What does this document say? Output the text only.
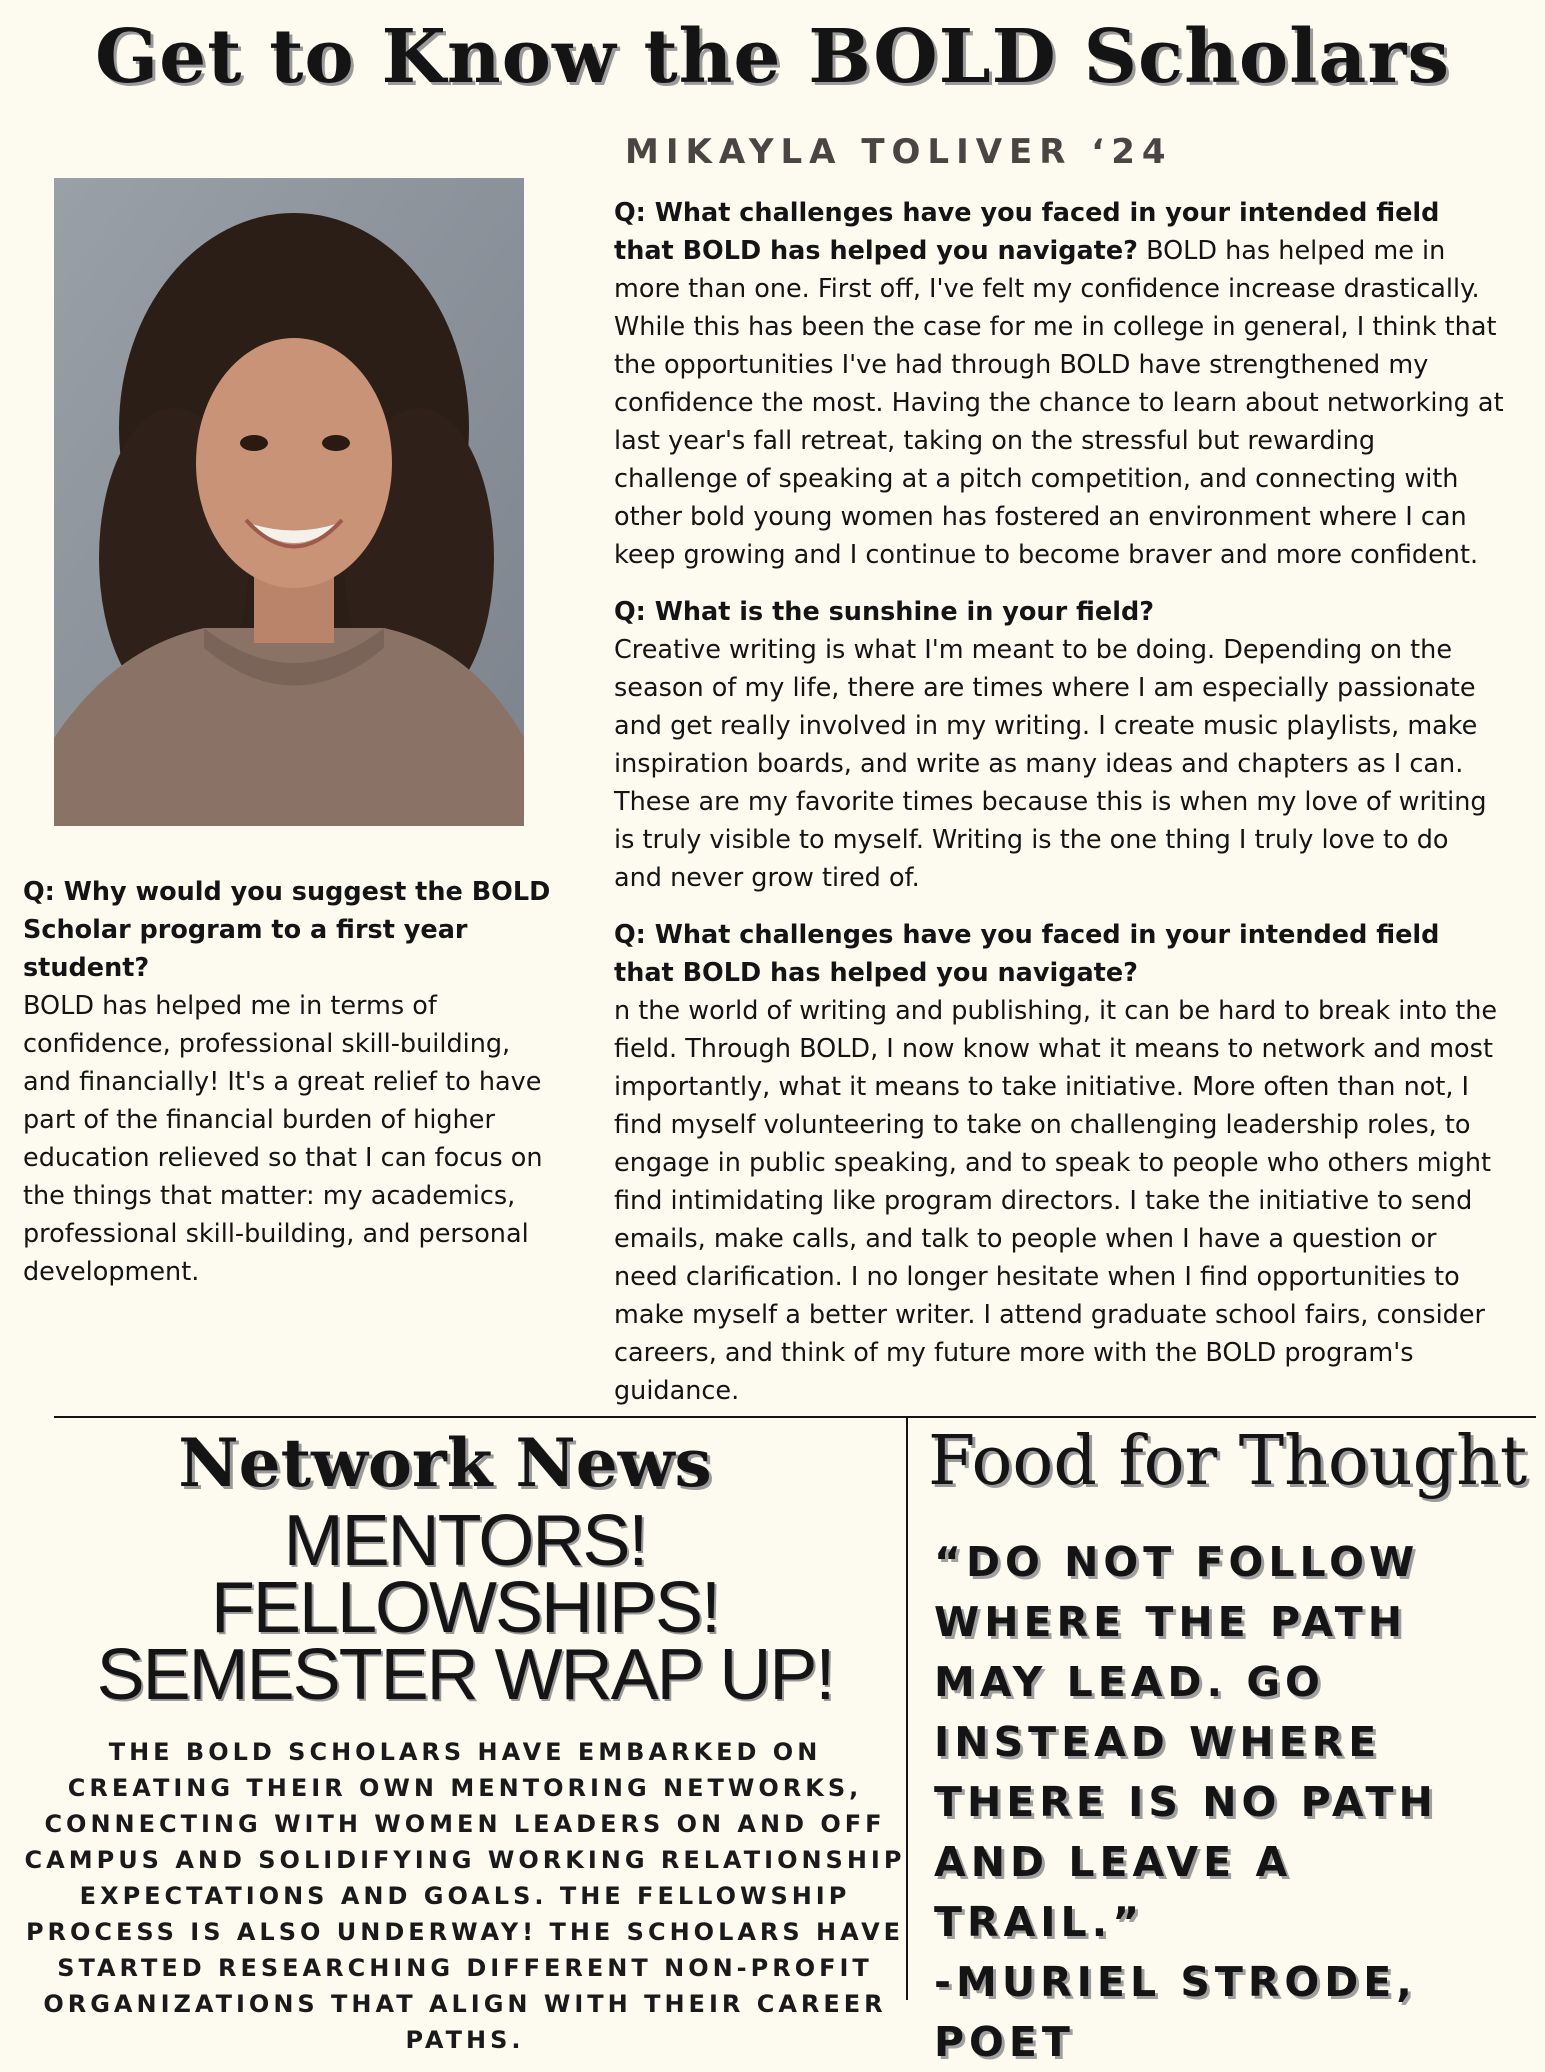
Get to Know the BOLD Scholars
MIKAYLA TOLIVER ‘24
Q: Why would you suggest the BOLD Scholar program to a first year student?
BOLD has helped me in terms of confidence, professional skill-building, and financially! It's a great relief to have part of the financial burden of higher education relieved so that I can focus on the things that matter: my academics, professional skill-building, and personal development.
Q: What challenges have you faced in your intended field that BOLD has helped you navigate? BOLD has helped me in more than one. First off, I've felt my confidence increase drastically. While this has been the case for me in college in general, I think that the opportunities I've had through BOLD have strengthened my confidence the most. Having the chance to learn about networking at last year's fall retreat, taking on the stressful but rewarding challenge of speaking at a pitch competition, and connecting with other bold young women has fostered an environment where I can keep growing and I continue to become braver and more confident.
Q: What is the sunshine in your field?
Creative writing is what I'm meant to be doing. Depending on the season of my life, there are times where I am especially passionate and get really involved in my writing. I create music playlists, make inspiration boards, and write as many ideas and chapters as I can. These are my favorite times because this is when my love of writing is truly visible to myself. Writing is the one thing I truly love to do and never grow tired of.
Q: What challenges have you faced in your intended field that BOLD has helped you navigate?
n the world of writing and publishing, it can be hard to break into the field. Through BOLD, I now know what it means to network and most importantly, what it means to take initiative. More often than not, I find myself volunteering to take on challenging leadership roles, to engage in public speaking, and to speak to people who others might find intimidating like program directors. I take the initiative to send emails, make calls, and talk to people when I have a question or need clarification. I no longer hesitate when I find opportunities to make myself a better writer. I attend graduate school fairs, consider careers, and think of my future more with the BOLD program's guidance.
Network News
MENTORS!
FELLOWSHIPS!
SEMESTER WRAP UP!
THE BOLD SCHOLARS HAVE EMBARKED ON CREATING THEIR OWN MENTORING NETWORKS, CONNECTING WITH WOMEN LEADERS ON AND OFF CAMPUS AND SOLIDIFYING WORKING RELATIONSHIP EXPECTATIONS AND GOALS. THE FELLOWSHIP PROCESS IS ALSO UNDERWAY! THE SCHOLARS HAVE STARTED RESEARCHING DIFFERENT NON-PROFIT ORGANIZATIONS THAT ALIGN WITH THEIR CAREER PATHS.
Food for Thought
“DO NOT FOLLOW WHERE THE PATH MAY LEAD. GO INSTEAD WHERE THERE IS NO PATH AND LEAVE A TRAIL.”
-MURIEL STRODE, POET
